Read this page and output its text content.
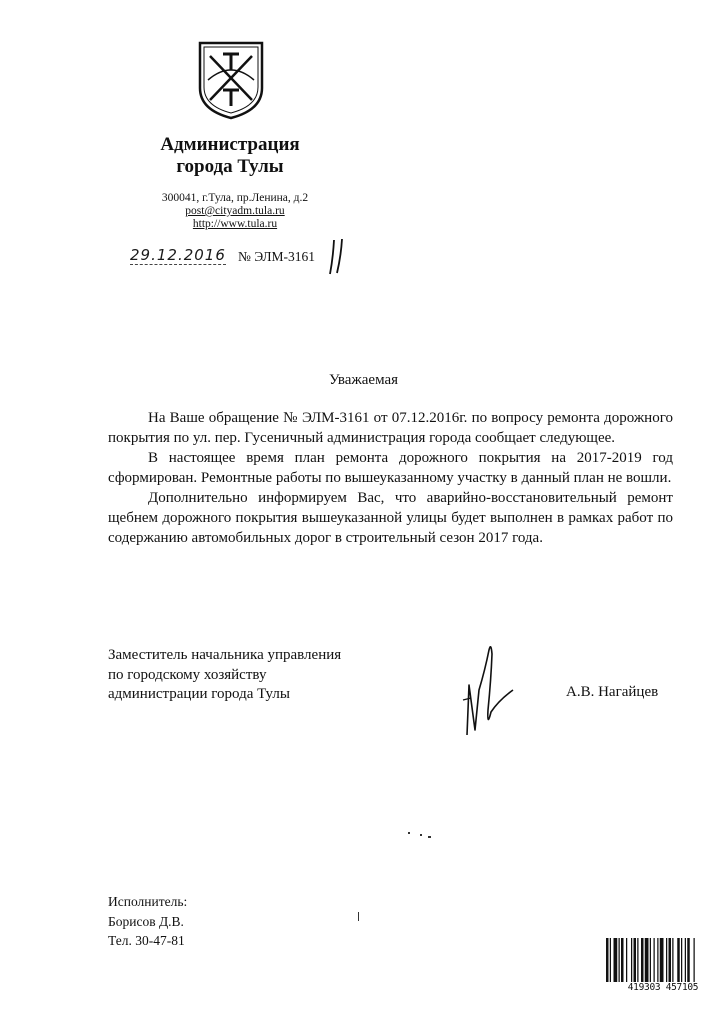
Администрация
города Тулы
300041, г.Тула, пр.Ленина, д.2
post@cityadm.tula.ru
http://www.tula.ru
29.12.2016 № ЭЛМ-3161
Уважаемая

На Ваше обращение № ЭЛМ-3161 от 07.12.2016г. по вопросу ремонта дорожного покрытия по ул. пер. Гусеничный администрация города сообщает следующее.

В настоящее время план ремонта дорожного покрытия на 2017-2019 год сформирован. Ремонтные работы по вышеуказанному участку в данный план не вошли.

Дополнительно информируем Вас, что аварийно-восстановительный ремонт щебнем дорожного покрытия вышеуказанной улицы будет выполнен в рамках работ по содержанию автомобильных дорог в строительный сезон 2017 года.

Заместитель начальника управления
по городскому хозяйству
администрации города Тулы	А.В. Нагайцев
Исполнитель:
Борисов Д.В.
Тел. 30-47-81
419303 457105
